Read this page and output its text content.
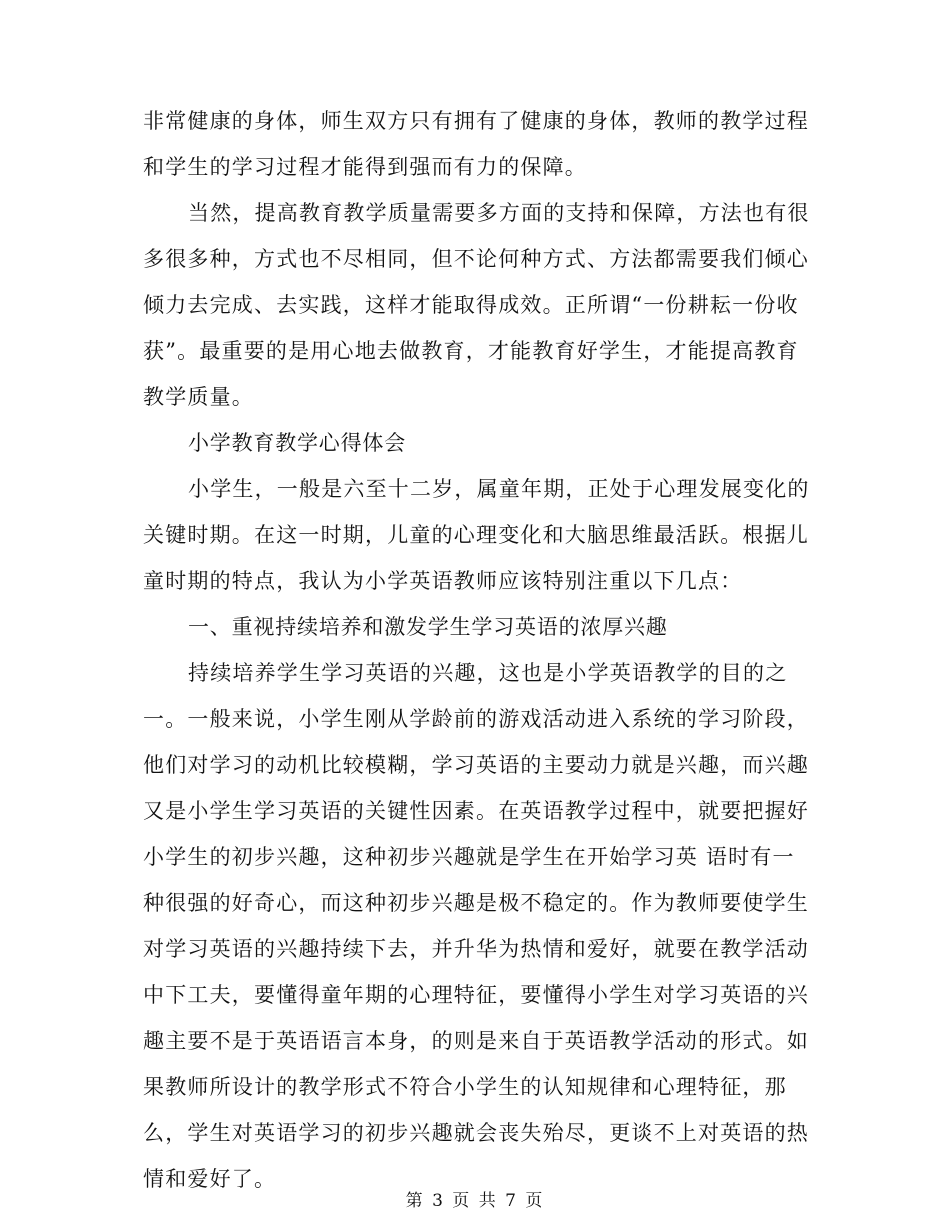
非常健康的身体，师生双方只有拥有了健康的身体，教师的教学过程
和学生的学习过程才能得到强而有力的保障。
当然，提高教育教学质量需要多方面的支持和保障，方法也有很
多很多种，方式也不尽相同，但不论何种方式、方法都需要我们倾心
倾力去完成、去实践，这样才能取得成效。正所谓“一份耕耘一份收
获”。最重要的是用心地去做教育，才能教育好学生，才能提高教育
教学质量。
小学教育教学心得体会
小学生，一般是六至十二岁，属童年期，正处于心理发展变化的
关键时期。在这一时期，儿童的心理变化和大脑思维最活跃。根据儿
童时期的特点，我认为小学英语教师应该特别注重以下几点：
一、重视持续培养和激发学生学习英语的浓厚兴趣
持续培养学生学习英语的兴趣，这也是小学英语教学的目的之
一。一般来说，小学生刚从学龄前的游戏活动进入系统的学习阶段，
他们对学习的动机比较模糊，学习英语的主要动力就是兴趣，而兴趣
又是小学生学习英语的关键性因素。在英语教学过程中，就要把握好
小学生的初步兴趣，这种初步兴趣就是学生在开始学习英 语时有一
种很强的好奇心，而这种初步兴趣是极不稳定的。作为教师要使学生
对学习英语的兴趣持续下去，并升华为热情和爱好，就要在教学活动
中下工夫，要懂得童年期的心理特征，要懂得小学生对学习英语的兴
趣主要不是于英语语言本身，的则是来自于英语教学活动的形式。如
果教师所设计的教学形式不符合小学生的认知规律和心理特征，那
么，学生对英语学习的初步兴趣就会丧失殆尽，更谈不上对英语的热
情和爱好了。
第 3 页 共 7 页
